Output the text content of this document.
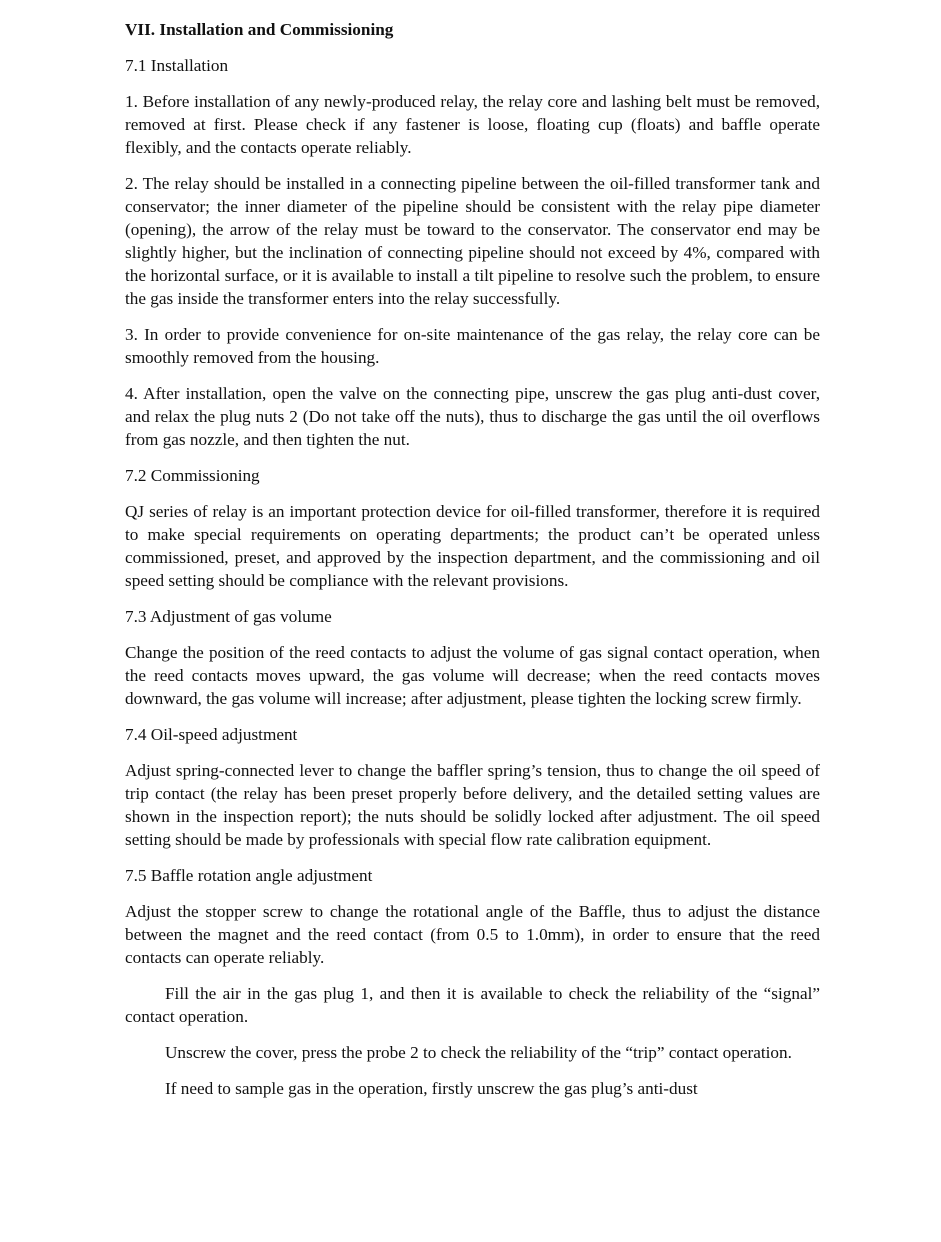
VII. Installation and Commissioning

7.1 Installation

1. Before installation of any newly-produced relay, the relay core and lashing belt must be removed, removed at first. Please check if any fastener is loose, floating cup (floats) and baffle operate flexibly, and the contacts operate reliably.

2. The relay should be installed in a connecting pipeline between the oil-filled transformer tank and conservator; the inner diameter of the pipeline should be consistent with the relay pipe diameter (opening), the arrow of the relay must be toward to the conservator. The conservator end may be slightly higher, but the inclination of connecting pipeline should not exceed by 4%, compared with the horizontal surface, or it is available to install a tilt pipeline to resolve such the problem, to ensure the gas inside the transformer enters into the relay successfully.

3. In order to provide convenience for on-site maintenance of the gas relay, the relay core can be smoothly removed from the housing.

4. After installation, open the valve on the connecting pipe, unscrew the gas plug anti-dust cover, and relax the plug nuts 2 (Do not take off the nuts), thus to discharge the gas until the oil overflows from gas nozzle, and then tighten the nut.

7.2 Commissioning

QJ series of relay is an important protection device for oil-filled transformer, therefore it is required to make special requirements on operating departments; the product can’t be operated unless commissioned, preset, and approved by the inspection department, and the commissioning and oil speed setting should be compliance with the relevant provisions.

7.3 Adjustment of gas volume

Change the position of the reed contacts to adjust the volume of gas signal contact operation, when the reed contacts moves upward, the gas volume will decrease; when the reed contacts moves downward, the gas volume will increase; after adjustment, please tighten the locking screw firmly.

7.4 Oil-speed adjustment

Adjust spring-connected lever to change the baffler spring’s tension, thus to change the oil speed of trip contact (the relay has been preset properly before delivery, and the detailed setting values are shown in the inspection report); the nuts should be solidly locked after adjustment. The oil speed setting should be made by professionals with special flow rate calibration equipment.

7.5 Baffle rotation angle adjustment

Adjust the stopper screw to change the rotational angle of the Baffle, thus to adjust the distance between the magnet and the reed contact (from 0.5 to 1.0mm), in order to ensure that the reed contacts can operate reliably.

Fill the air in the gas plug 1, and then it is available to check the reliability of the “signal” contact operation.

Unscrew the cover, press the probe 2 to check the reliability of the “trip” contact operation.

If need to sample gas in the operation, firstly unscrew the gas plug’s anti-dust
